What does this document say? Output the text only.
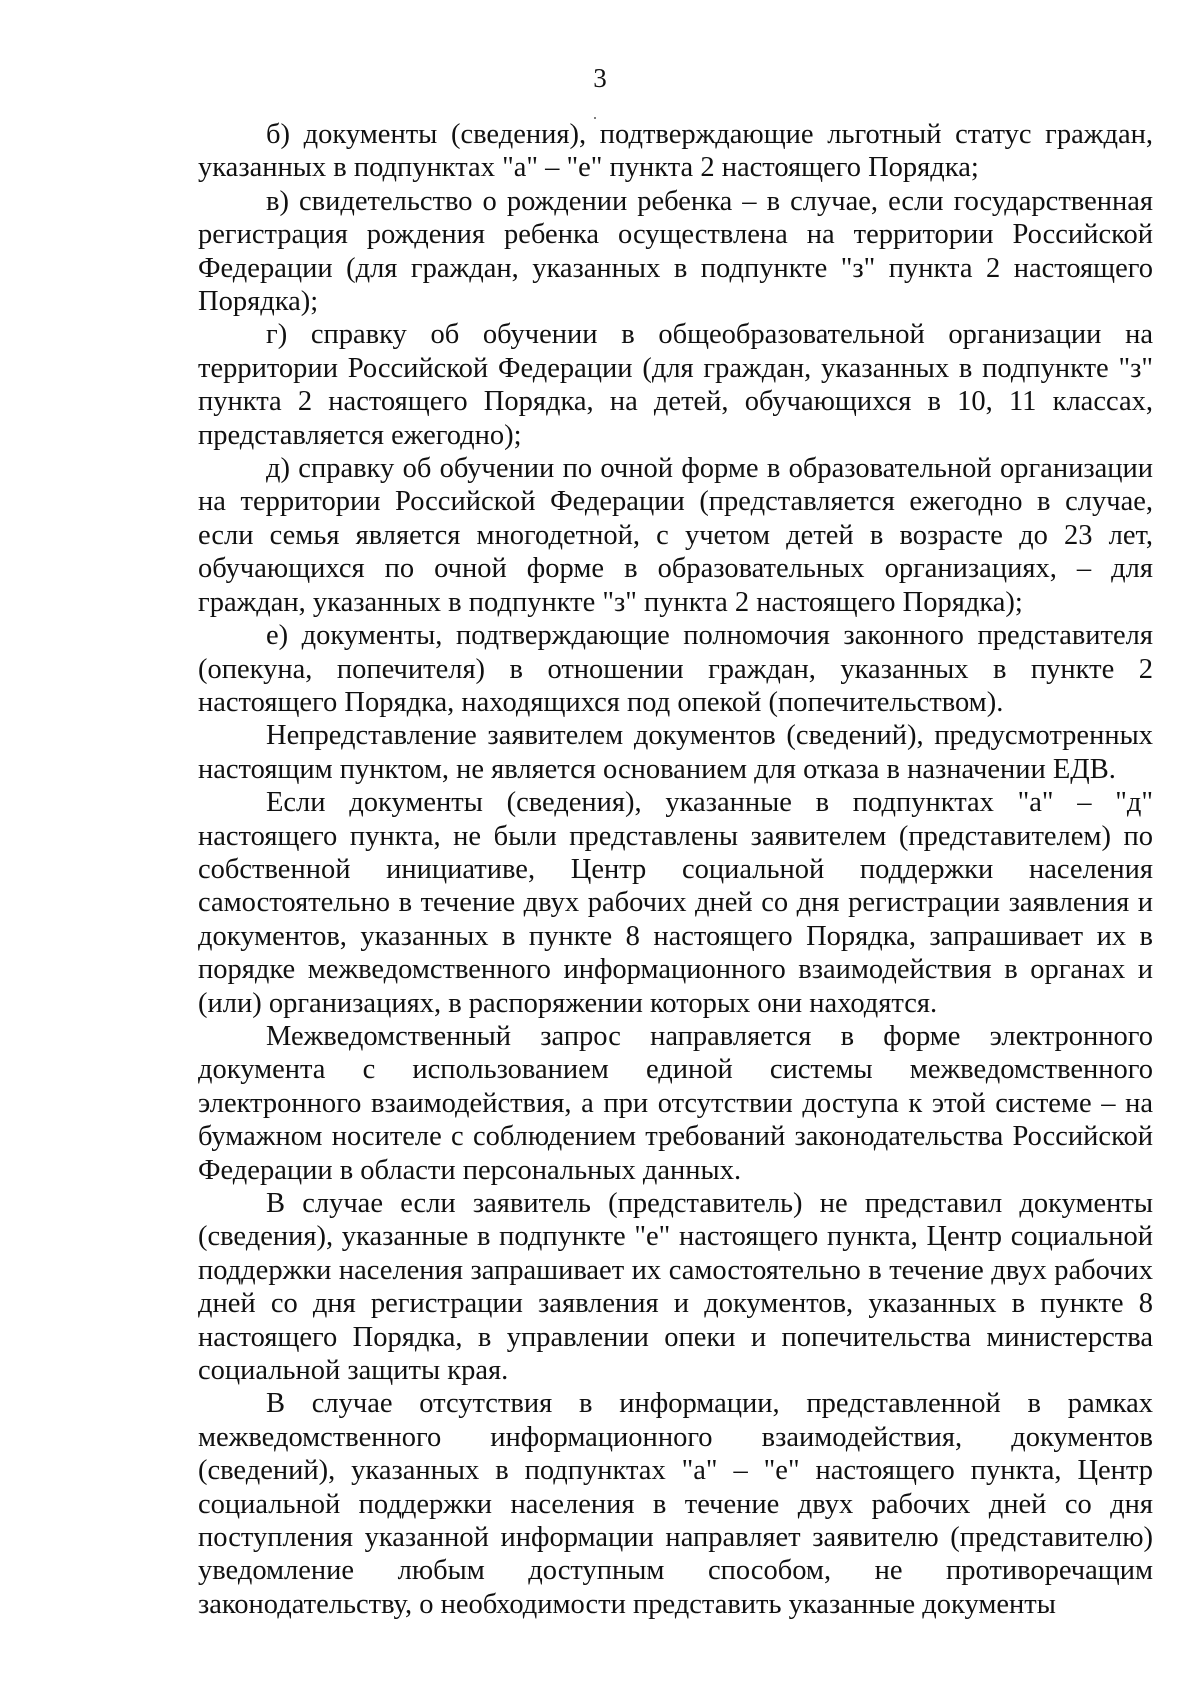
3

б) документы (сведения), подтверждающие льготный статус граждан, указанных в подпунктах "а" – "е" пункта 2 настоящего Порядка;

в) свидетельство о рождении ребенка – в случае, если государственная регистрация рождения ребенка осуществлена на территории Российской Федерации (для граждан, указанных в подпункте "з" пункта 2 настоящего Порядка);

г) справку об обучении в общеобразовательной организации на территории Российской Федерации (для граждан, указанных в подпункте "з" пункта 2 настоящего Порядка, на детей, обучающихся в 10, 11 классах, представляется ежегодно);

д) справку об обучении по очной форме в образовательной организации на территории Российской Федерации (представляется ежегодно в случае, если семья является многодетной, с учетом детей в возрасте до 23 лет, обучающихся по очной форме в образовательных организациях, – для граждан, указанных в подпункте "з" пункта 2 настоящего Порядка);

е) документы, подтверждающие полномочия законного представителя (опекуна, попечителя) в отношении граждан, указанных в пункте 2 настоящего Порядка, находящихся под опекой (попечительством).

Непредставление заявителем документов (сведений), предусмотренных настоящим пунктом, не является основанием для отказа в назначении ЕДВ.

Если документы (сведения), указанные в подпунктах "а" – "д" настоящего пункта, не были представлены заявителем (представителем) по собственной инициативе, Центр социальной поддержки населения самостоятельно в течение двух рабочих дней со дня регистрации заявления и документов, указанных в пункте 8 настоящего Порядка, запрашивает их в порядке межведомственного информационного взаимодействия в органах и (или) организациях, в распоряжении которых они находятся.

Межведомственный запрос направляется в форме электронного документа с использованием единой системы межведомственного электронного взаимодействия, а при отсутствии доступа к этой системе – на бумажном носителе с соблюдением требований законодательства Российской Федерации в области персональных данных.

В случае если заявитель (представитель) не представил документы (сведения), указанные в подпункте "е" настоящего пункта, Центр социальной поддержки населения запрашивает их самостоятельно в течение двух рабочих дней со дня регистрации заявления и документов, указанных в пункте 8 настоящего Порядка, в управлении опеки и попечительства министерства социальной защиты края.

В случае отсутствия в информации, представленной в рамках межведомственного информационного взаимодействия, документов (сведений), указанных в подпунктах "а" – "е" настоящего пункта, Центр социальной поддержки населения в течение двух рабочих дней со дня поступления указанной информации направляет заявителю (представителю) уведомление любым доступным способом, не противоречащим законодательству, о необходимости представить указанные документы
